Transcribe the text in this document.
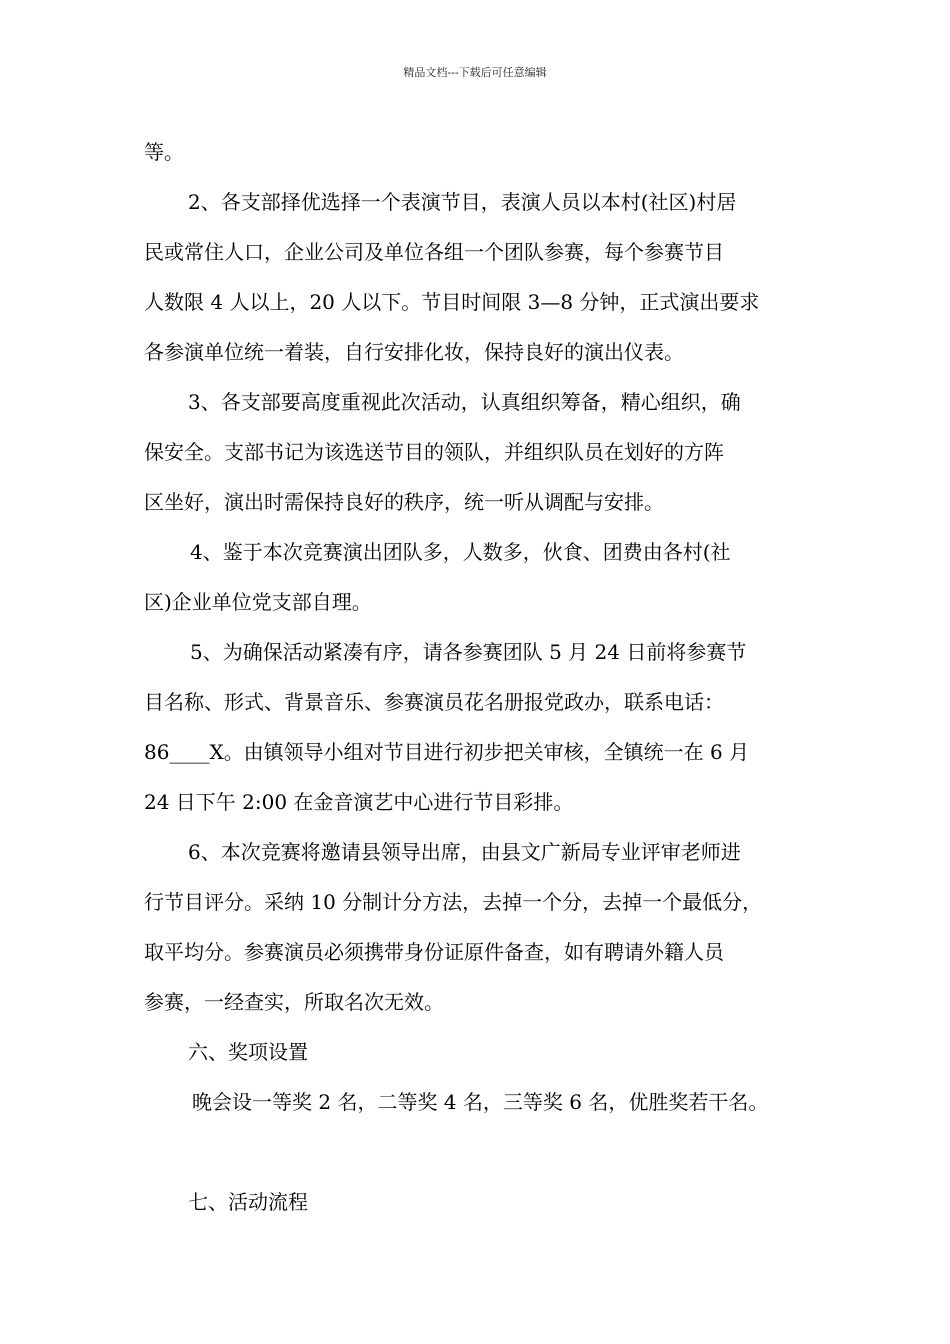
精品文档---下载后可任意编辑
等。
2、各支部择优选择一个表演节目，表演人员以本村(社区)村居
民或常住人口，企业公司及单位各组一个团队参赛，每个参赛节目
人数限 4 人以上，20 人以下。节目时间限 3—8 分钟，正式演出要求
各参演单位统一着装，自行安排化妆，保持良好的演出仪表。
3、各支部要高度重视此次活动，认真组织筹备，精心组织，确
保安全。支部书记为该选送节目的领队，并组织队员在划好的方阵
区坐好，演出时需保持良好的秩序，统一听从调配与安排。
4、鉴于本次竞赛演出团队多，人数多，伙食、团费由各村(社
区)企业单位党支部自理。
5、为确保活动紧凑有序，请各参赛团队 5 月 24 日前将参赛节
目名称、形式、背景音乐、参赛演员花名册报党政办，联系电话：
86____X。由镇领导小组对节目进行初步把关审核，全镇统一在 6 月
24 日下午 2:00 在金音演艺中心进行节目彩排。
6、本次竞赛将邀请县领导出席，由县文广新局专业评审老师进
行节目评分。采纳 10 分制计分方法，去掉一个分，去掉一个最低分，
取平均分。参赛演员必须携带身份证原件备查，如有聘请外籍人员
参赛，一经查实，所取名次无效。
六、奖项设置
晚会设一等奖 2 名，二等奖 4 名，三等奖 6 名，优胜奖若干名。
七、活动流程
